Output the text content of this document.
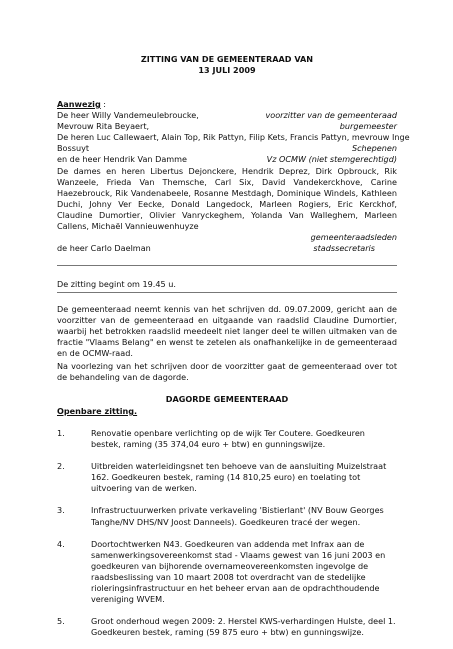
ZITTING VAN DE GEMEENTERAAD VAN
13 JULI 2009
Aanwezig :
De heer Willy Vandemeulebroucke,	voorzitter van de gemeenteraad
Mevrouw Rita Beyaert,	burgemeester
De heren Luc Callewaert, Alain Top, Rik Pattyn, Filip Kets, Francis Pattyn, mevrouw Inge
Bossuyt	Schepenen
en de heer Hendrik Van Damme	Vz OCMW (niet stemgerechtigd)
De dames en heren Libertus Dejonckere, Hendrik Deprez, Dirk Opbrouck, Rik Wanzeele, Frieda Van Themsche, Carl Six, David Vandekerckhove, Carine Haezebrouck, Rik Vandenabeele, Rosanne Mestdagh, Dominique Windels, Kathleen Duchi, Johny Ver Eecke, Donald Langedock, Marleen Rogiers, Eric Kerckhof, Claudine Dumortier, Olivier Vanryckeghem, Yolanda Van Walleghem, Marleen Callens, Michaël Vannieuwenhuyze
gemeenteraadsleden
de heer Carlo Daelman	stadssecretaris
De zitting begint om 19.45 u.
De gemeenteraad neemt kennis van het schrijven dd. 09.07.2009, gericht aan de voorzitter van de gemeenteraad en uitgaande van raadslid Claudine Dumortier, waarbij het betrokken raadslid meedeelt niet langer deel te willen uitmaken van de fractie "Vlaams Belang" en wenst te zetelen als onafhankelijke in de gemeenteraad en de OCMW-raad.
Na voorlezing van het schrijven door de voorzitter gaat de gemeenteraad over tot de behandeling van de dagorde.
DAGORDE GEMEENTERAAD
Openbare zitting.
1.	Renovatie openbare verlichting op de wijk Ter Coutere. Goedkeuren bestek, raming (35 374,04 euro + btw) en gunningswijze.
2.	Uitbreiden waterleidingsnet ten behoeve van de aansluiting Muizelstraat 162. Goedkeuren bestek, raming (14 810,25 euro) en toelating tot uitvoering van de werken.
3.	Infrastructuurwerken private verkaveling 'Bistierlant' (NV Bouw Georges Tanghe/NV DHS/NV Joost Danneels). Goedkeuren tracé der wegen.
4.	Doortochtwerken N43. Goedkeuren van addenda met Infrax aan de samenwerkingsovereenkomst stad - Vlaams gewest van 16 juni 2003 en goedkeuren van bijhorende overnameovereenkomsten ingevolge de raadsbeslissing van 10 maart 2008 tot overdracht van de stedelijke rioleringsinfrastructuur en het beheer ervan aan de opdrachthoudende vereniging WVEM.
5.	Groot onderhoud wegen 2009: 2. Herstel KWS-verhardingen Hulste, deel 1. Goedkeuren bestek, raming (59 875 euro + btw) en gunningswijze.
